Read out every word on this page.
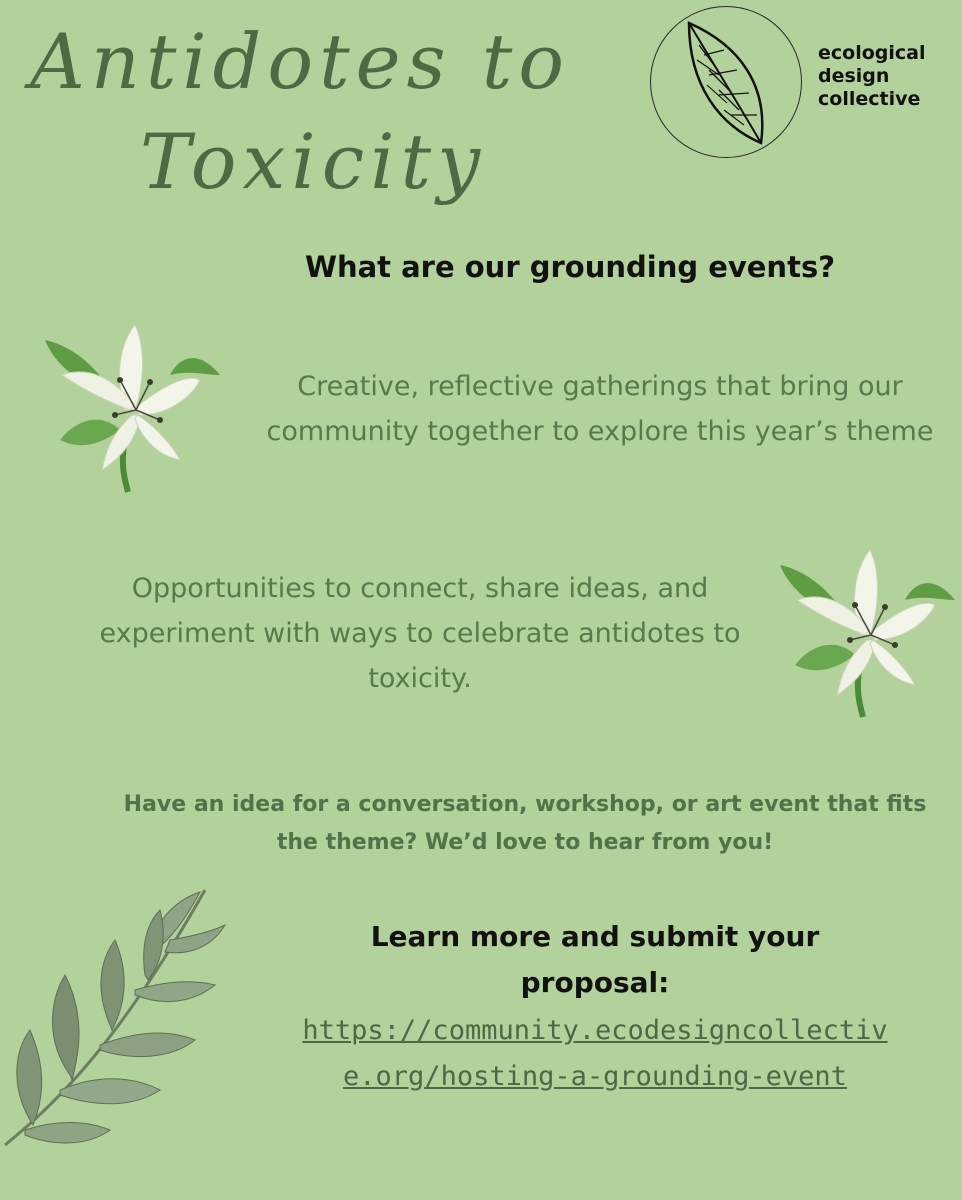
Antidotes to
Toxicity
ecological
design
collective
What are our grounding events?

Creative, reflective gatherings that bring our community together to explore this year’s theme

Opportunities to connect, share ideas, and experiment with ways to celebrate antidotes to toxicity.

Have an idea for a conversation, workshop, or art event that fits the theme? We’d love to hear from you!

Learn more and submit your proposal:

https://community.ecodesigncollective.org/hosting-a-grounding-event
